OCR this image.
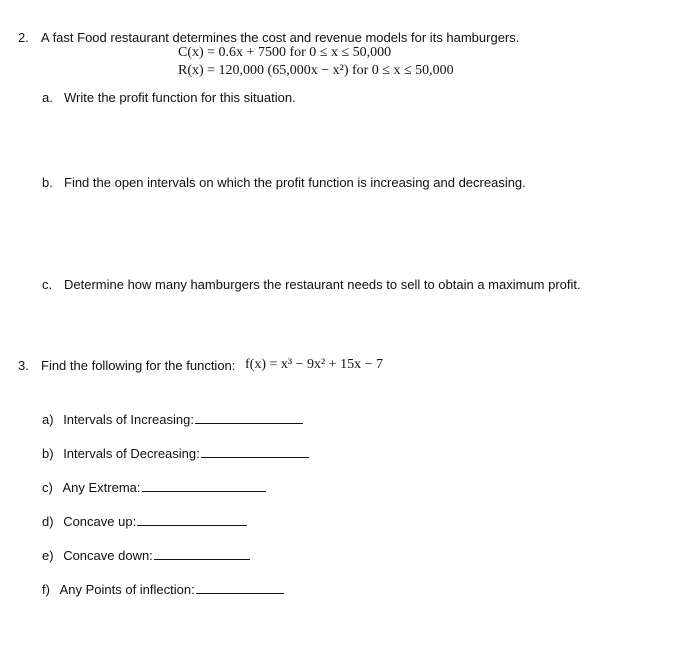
2. A fast Food restaurant determines the cost and revenue models for its hamburgers.
C(x) = 0.6x + 7500 for 0 ≤ x ≤ 50,000
R(x) = 120,000 (65,000x − x²) for 0 ≤ x ≤ 50,000
a. Write the profit function for this situation.
b. Find the open intervals on which the profit function is increasing and decreasing.
c. Determine how many hamburgers the restaurant needs to sell to obtain a maximum profit.
3. Find the following for the function: f(x) = x³ − 9x² + 15x − 7
a) Intervals of Increasing:
b) Intervals of Decreasing:
c) Any Extrema:
d) Concave up:
e) Concave down:
f) Any Points of inflection:
